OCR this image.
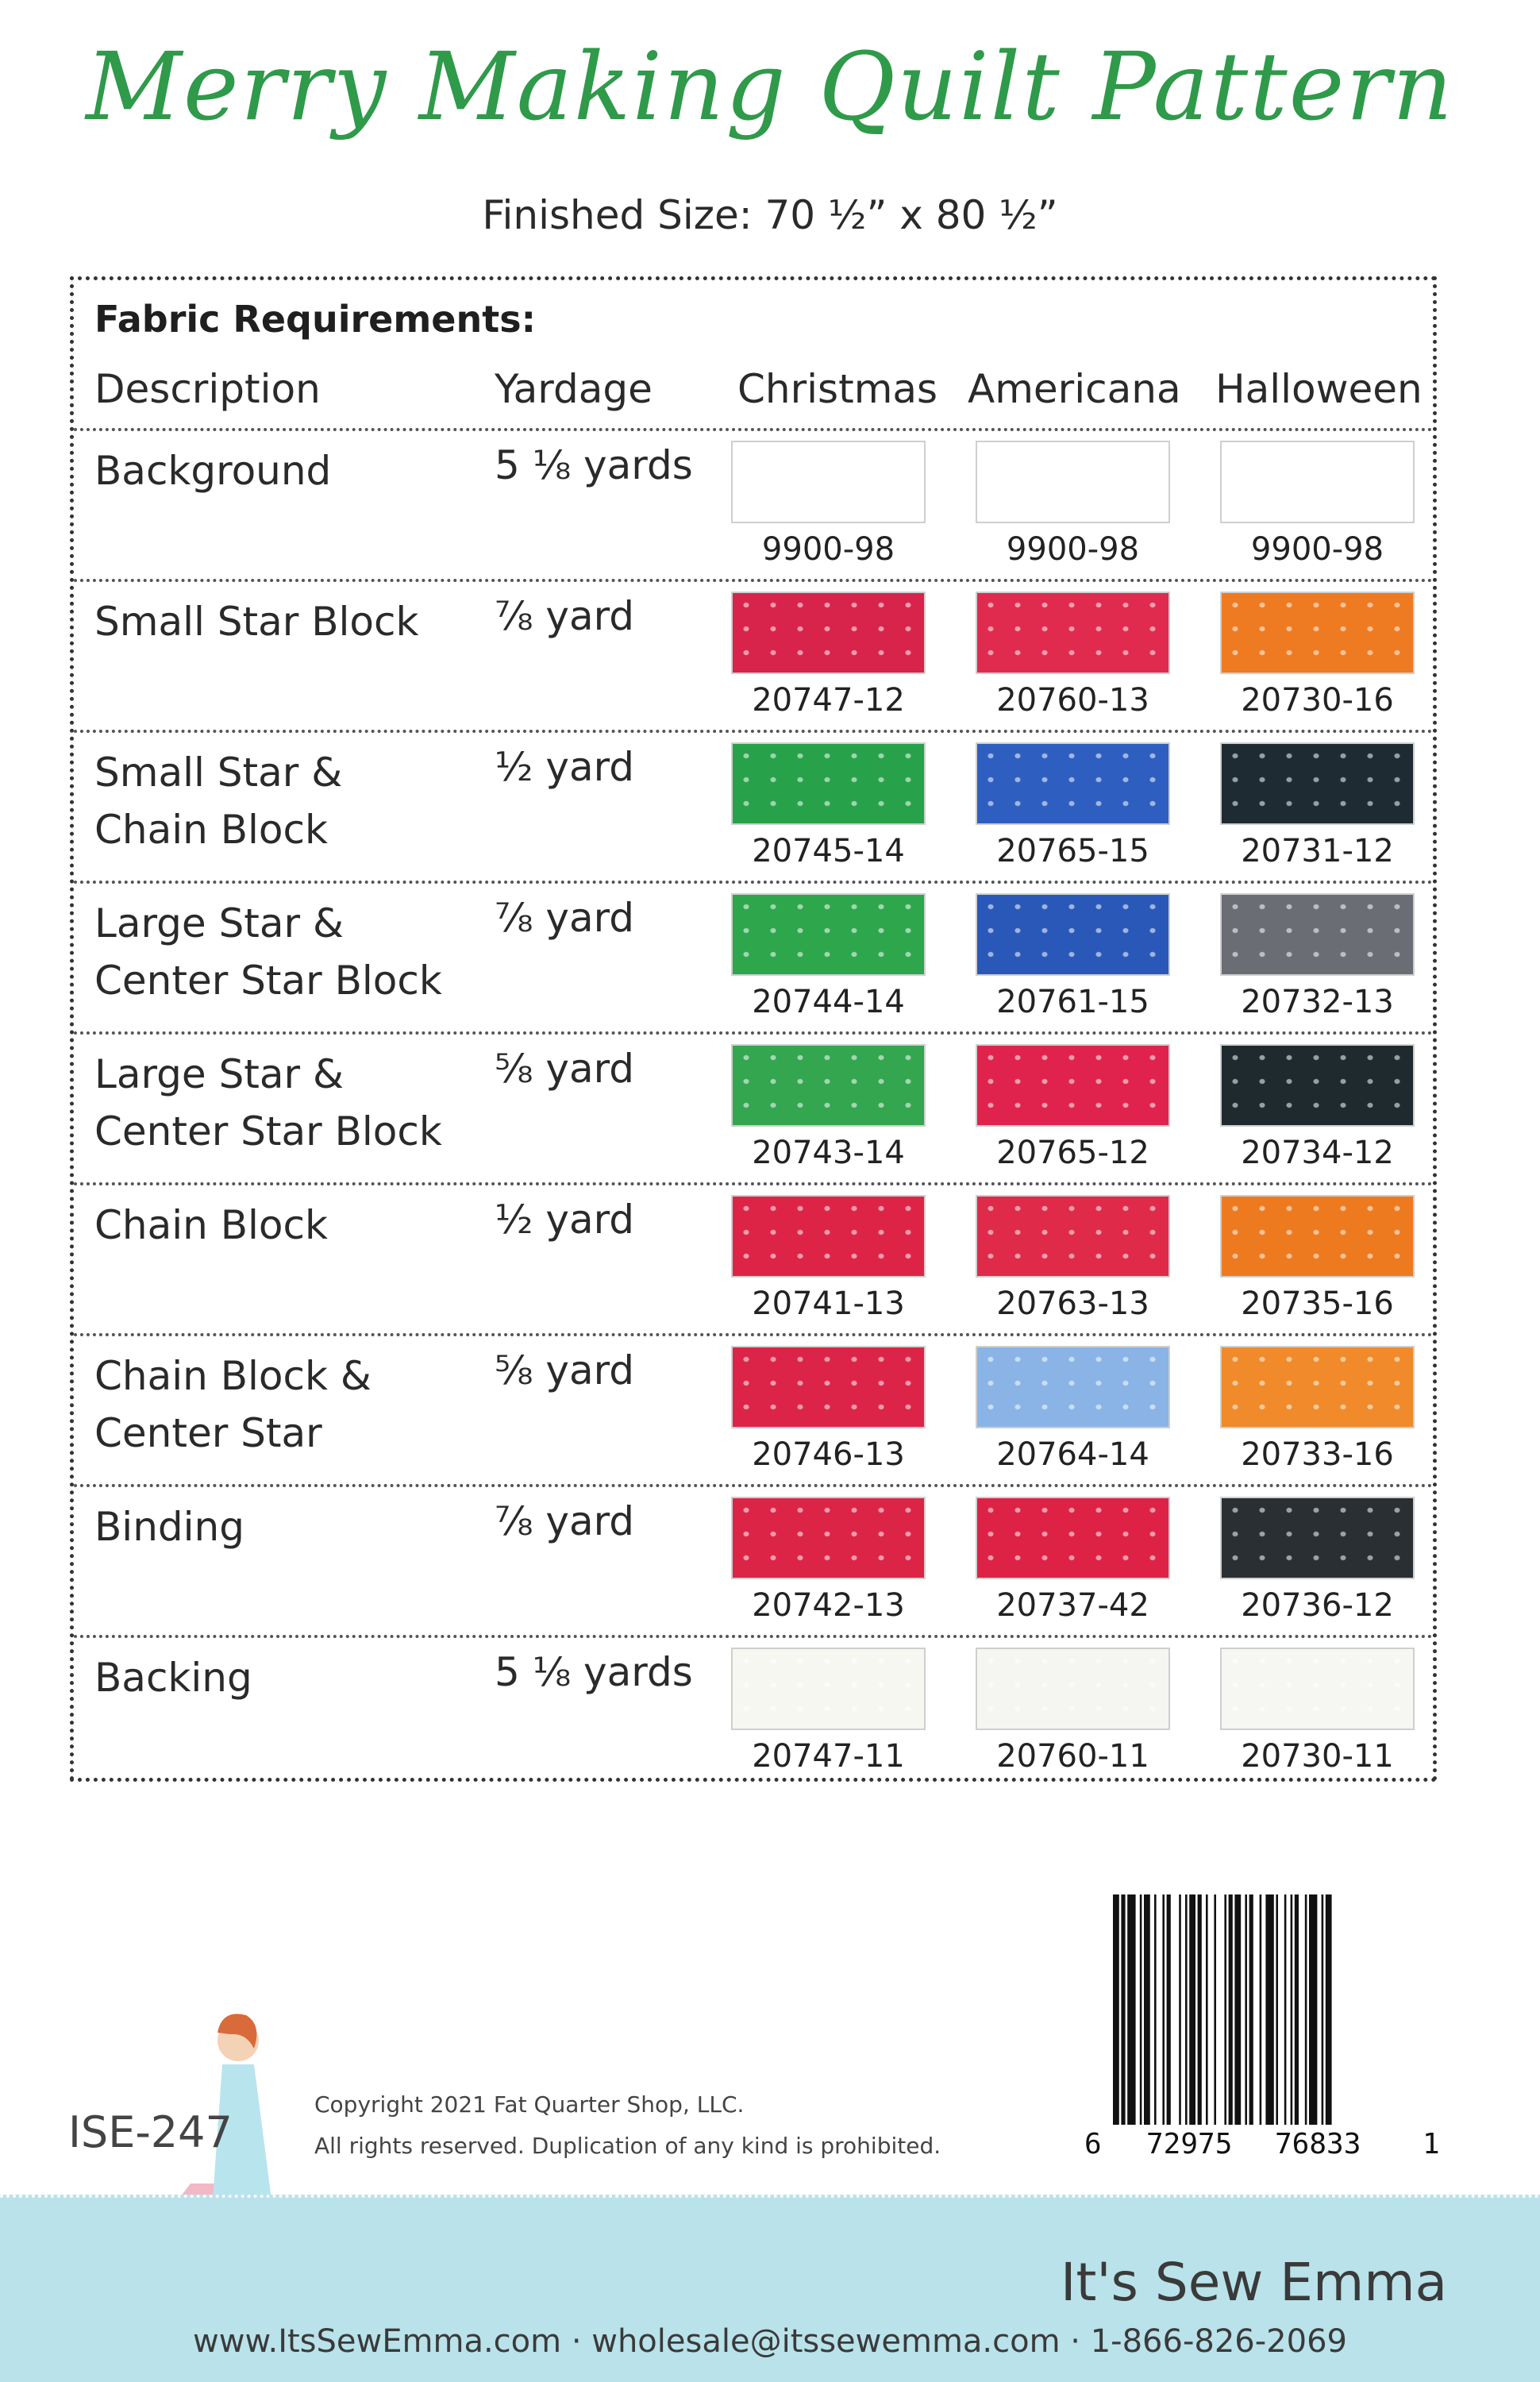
Merry Making Quilt Pattern
Finished Size: 70 ½” x 80 ½”
Fabric Requirements:
Description	Yardage Christmas Americana Halloween
Background	5 ⅛ yards
9900-98	9900-98	9900-98
Small Star Block ⅞ yard
20747-12	20760-13	20730-16
Small Star &
Chain Block
½ yard
20745-14	20765-15	20731-12
Large Star &
Center Star Block
⅞ yard
20744-14	20761-15	20732-13
Large Star &
Center Star Block
⅝ yard
20743-14	20765-12	20734-12
Chain Block	½ yard
20741-13	20763-13	20735-16
Chain Block &
Center Star
⅝ yard
20746-13	20764-14	20733-16
Binding	⅞ yard
20742-13	20737-42	20736-12
Backing	5 ⅛ yards
20747-11	20760-11	20730-11
ISE-247
Copyright 2021 Fat Quarter Shop, LLC.
All rights reserved. Duplication of any kind is prohibited.	6 72975 76833 1
It's Sew Emma
www.ItsSewEmma.com · wholesale@itssewemma.com · 1-866-826-2069
